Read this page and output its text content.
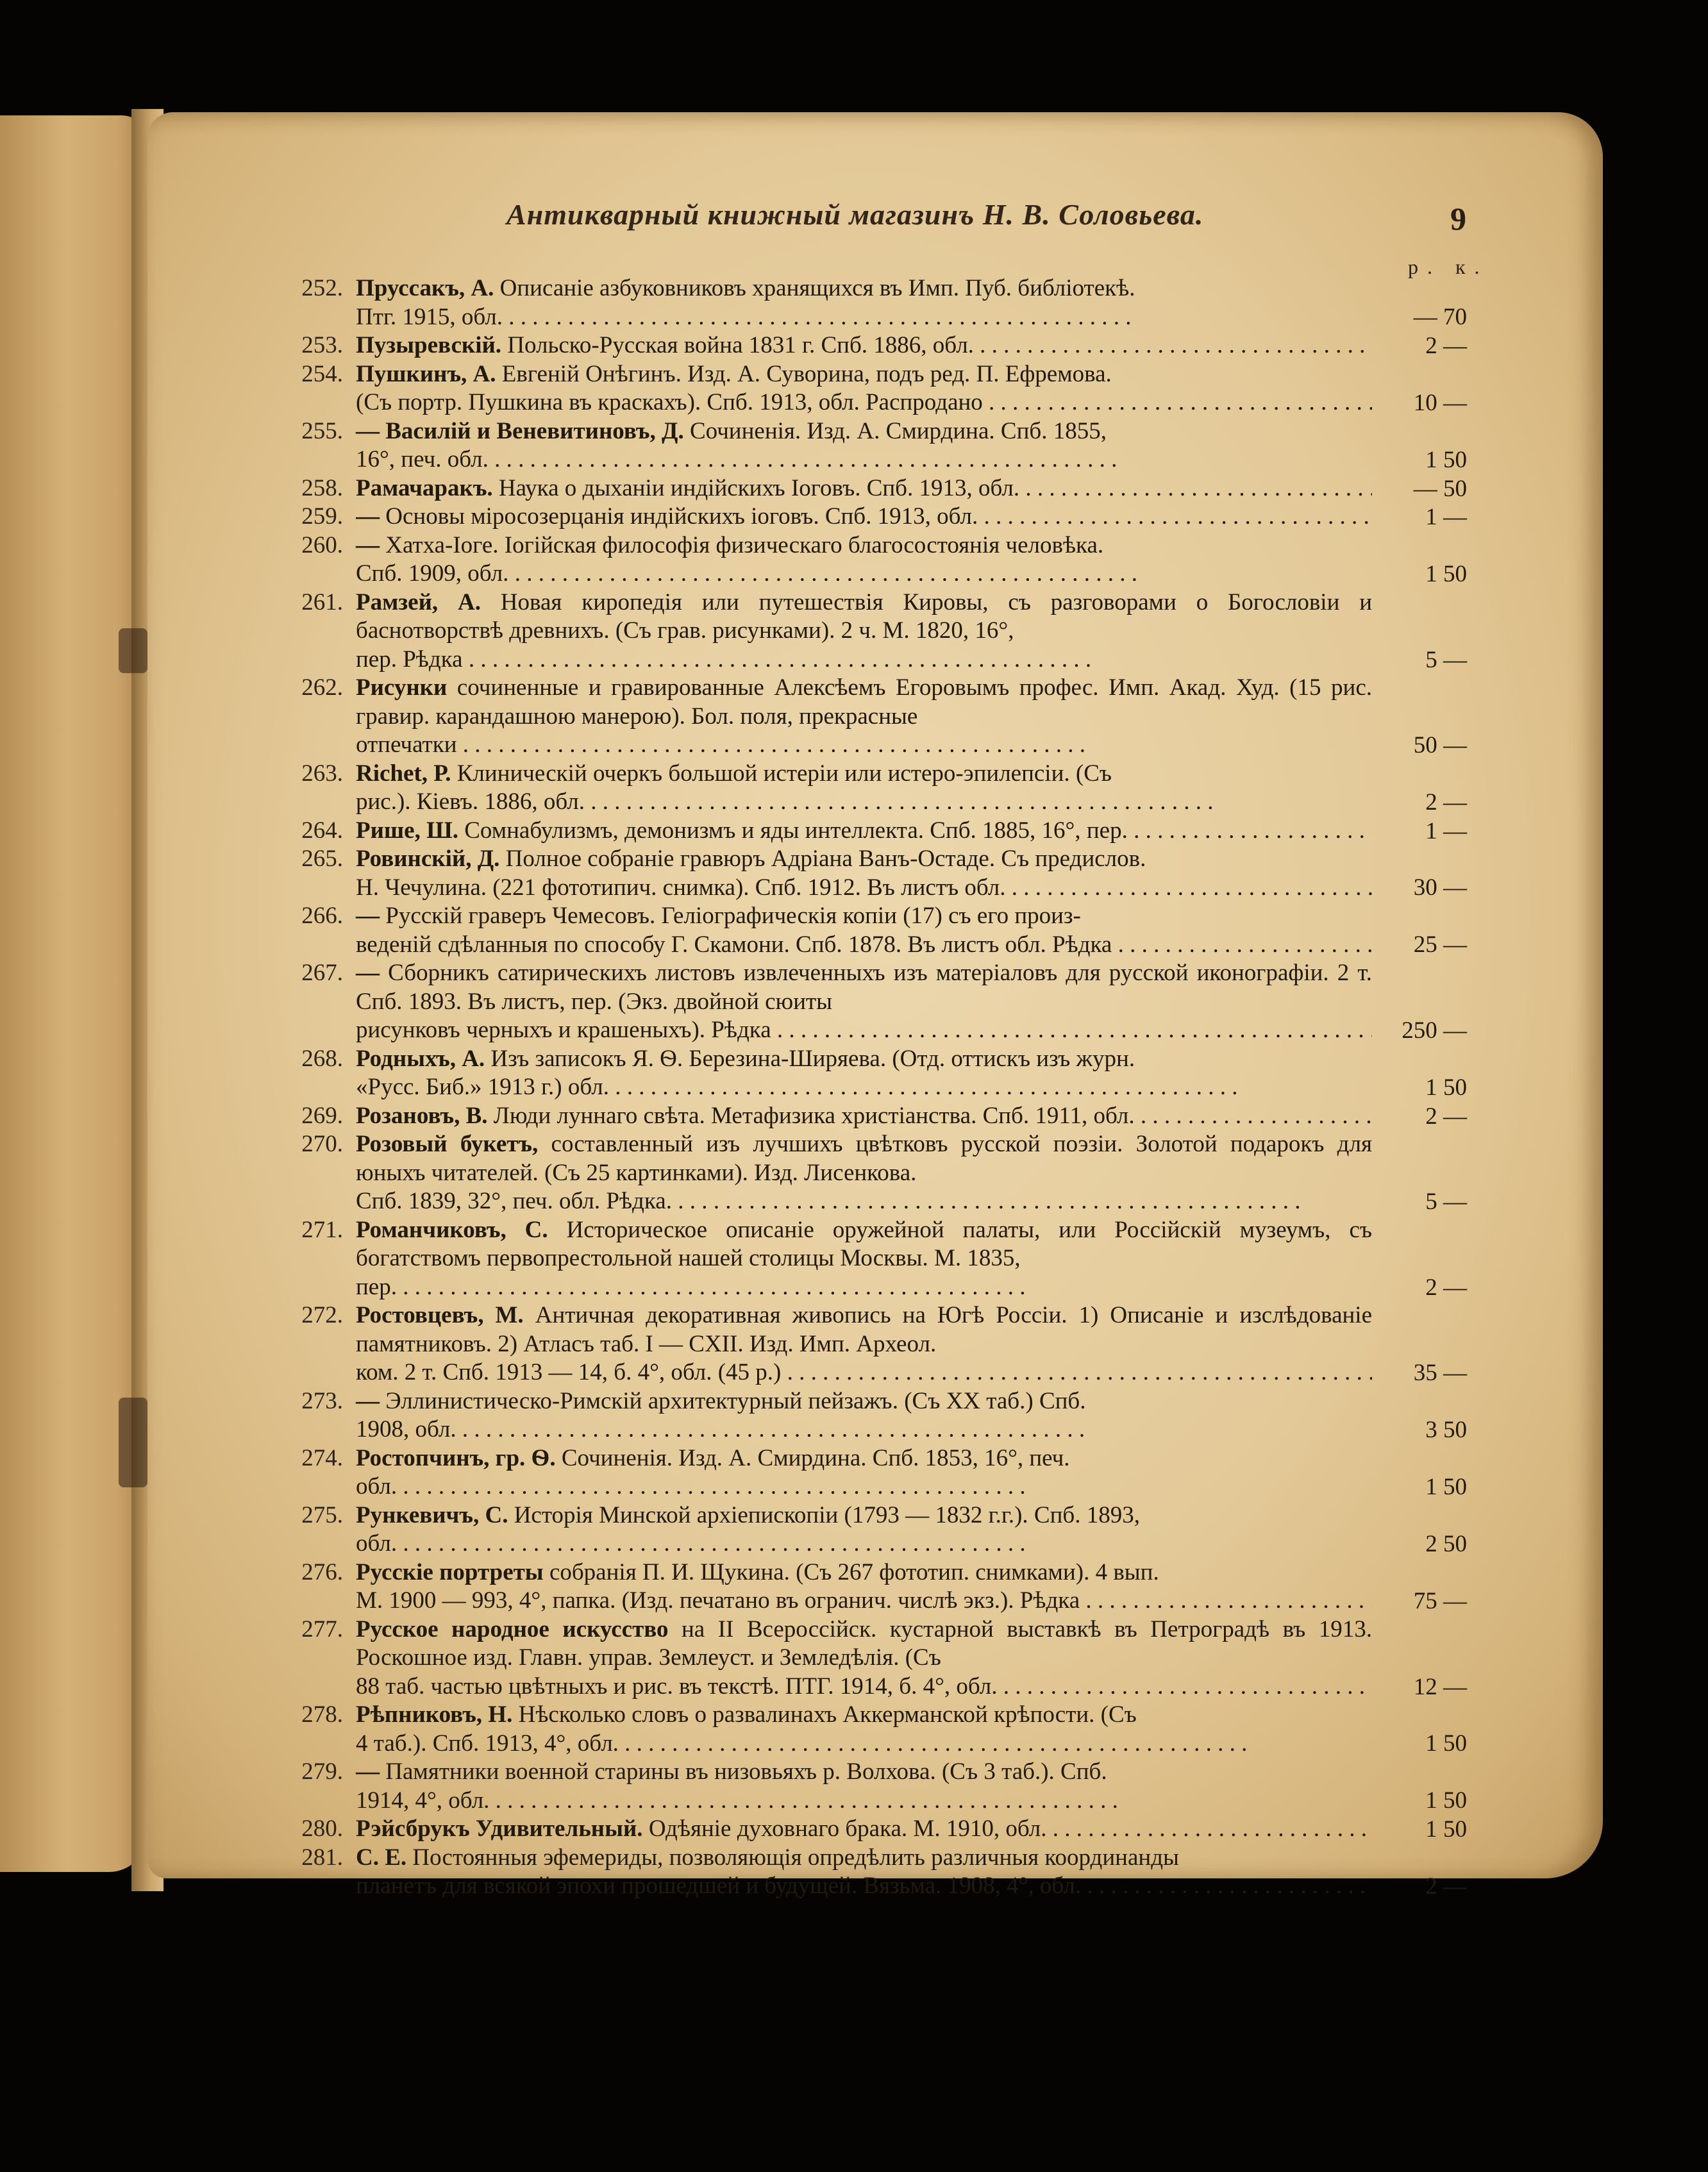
Антикварный книжный магазинъ Н. В. Соловьева.	9
р. к.
252. Пруссакъ, А. Описаніе азбуковниковъ хранящихся въ Имп. Пуб. библіотекѣ.
Птг. 1915, обл. . . .	— 70
253. Пузыревскій. Польско-Русская война 1831 г. Спб. 1886, обл. . . .	2 —
254. Пушкинъ, А. Евгеній Онѣгинъ. Изд. А. Суворина, подъ ред. П. Ефремова.
(Съ портр. Пушкина въ краскахъ). Спб. 1913, обл. Распродано . . .	10 —
255. — Василій и Веневитиновъ, Д. Сочиненія. Изд. А. Смирдина. Спб. 1855,
16°, печ. обл. . . .	1 50
258. Рамачаракъ. Наука о дыханіи индійскихъ Іоговъ. Спб. 1913, обл. . . .	— 50
259. — Основы міросозерцанія индійскихъ іоговъ. Спб. 1913, обл. . . .	1 —
260. — Хатха-Іоге. Іогійская философія физическаго благосостоянія человѣка.
Спб. 1909, обл. . . .	1 50
261. Рамзей, А. Новая киропедія или путешествія Кировы, съ разговорами о Богословіи и баснотворствѣ древнихъ. (Съ грав. рисунками). 2 ч. М. 1820, 16°,
пер. Рѣдка . . .	5 —
262. Рисунки сочиненные и гравированные Алексѣемъ Егоровымъ профес. Имп. Акад. Худ. (15 рис. гравир. карандашною манерою). Бол. поля, прекрасные
отпечатки . . .	50 —
263. Richet, Р. Клиническій очеркъ большой истеріи или истеро-эпилепсіи. (Съ
рис.). Кіевъ. 1886, обл. . . .	2 —
264. Рише, Ш. Сомнабулизмъ, демонизмъ и яды интеллекта. Спб. 1885, 16°, пер. . . .	1 —
265. Ровинскій, Д. Полное собраніе гравюръ Адріана Ванъ-Остаде. Съ предислов.
Н. Чечулина. (221 фототипич. снимка). Спб. 1912. Въ листъ обл. . . .	30 —
266. — Русскій граверъ Чемесовъ. Геліографическія копіи (17) съ его произ-
веденій сдѣланныя по способу Г. Скамони. Спб. 1878. Въ листъ обл. Рѣдка . . .	25 —
267. — Сборникъ сатирическихъ листовъ извлеченныхъ изъ матеріаловъ для русской иконографіи. 2 т. Спб. 1893. Въ листъ, пер. (Экз. двойной сюиты
рисунковъ черныхъ и крашеныхъ). Рѣдка . . .	250 —
268. Родныхъ, А. Изъ записокъ Я. Ѳ. Березина-Ширяева. (Отд. оттискъ изъ журн.
«Русс. Биб.» 1913 г.) обл. . . .	1 50
269. Розановъ, В. Люди луннаго свѣта. Метафизика христіанства. Спб. 1911, обл. . . .	2 —
270. Розовый букетъ, составленный изъ лучшихъ цвѣтковъ русской поэзіи. Золотой подарокъ для юныхъ читателей. (Съ 25 картинками). Изд. Лисенкова.
Спб. 1839, 32°, печ. обл. Рѣдка. . . .	5 —
271. Романчиковъ, С. Историческое описаніе оружейной палаты, или Россійскій музеумъ, съ богатствомъ первопрестольной нашей столицы Москвы. М. 1835,
пер. . . .	2 —
272. Ростовцевъ, М. Античная декоративная живопись на Югѣ Россіи. 1) Описаніе и изслѣдованіе памятниковъ. 2) Атласъ таб. I — CXII. Изд. Имп. Археол.
ком. 2 т. Спб. 1913 — 14, б. 4°, обл. (45 р.) . . .	35 —
273. — Эллинистическо-Римскій архитектурный пейзажъ. (Съ XX таб.) Спб.
1908, обл. . . .	3 50
274. Ростопчинъ, гр. Ѳ. Сочиненія. Изд. А. Смирдина. Спб. 1853, 16°, печ.
обл. . . .	1 50
275. Рункевичъ, С. Исторія Минской архіепископіи (1793 — 1832 г.г.). Спб. 1893,
обл. . . .	2 50
276. Русскіе портреты собранія П. И. Щукина. (Съ 267 фототип. снимками). 4 вып.
М. 1900 — 993, 4°, папка. (Изд. печатано въ огранич. числѣ экз.). Рѣдка . . .	75 —
277. Русское народное искусство на II Всероссійск. кустарной выставкѣ въ Петроградѣ въ 1913. Роскошное изд. Главн. управ. Землеуст. и Земледѣлія. (Съ
88 таб. частью цвѣтныхъ и рис. въ текстѣ. ПТГ. 1914, б. 4°, обл. . . .	12 —
278. Рѣпниковъ, Н. Нѣсколько словъ о развалинахъ Аккерманской крѣпости. (Съ
4 таб.). Спб. 1913, 4°, обл. . . .	1 50
279. — Памятники военной старины въ низовьяхъ р. Волхова. (Съ 3 таб.). Спб.
1914, 4°, обл. . . .	1 50
280. Рэйсбрукъ Удивительный. Одѣяніе духовнаго брака. М. 1910, обл. . . .	1 50
281. С. Е. Постоянныя эфемериды, позволяющія опредѣлить различныя координанды
планетъ для всякой эпохи прошедшей и будущей. Вязьма. 1908, 4°, обл. . . .	2 —
